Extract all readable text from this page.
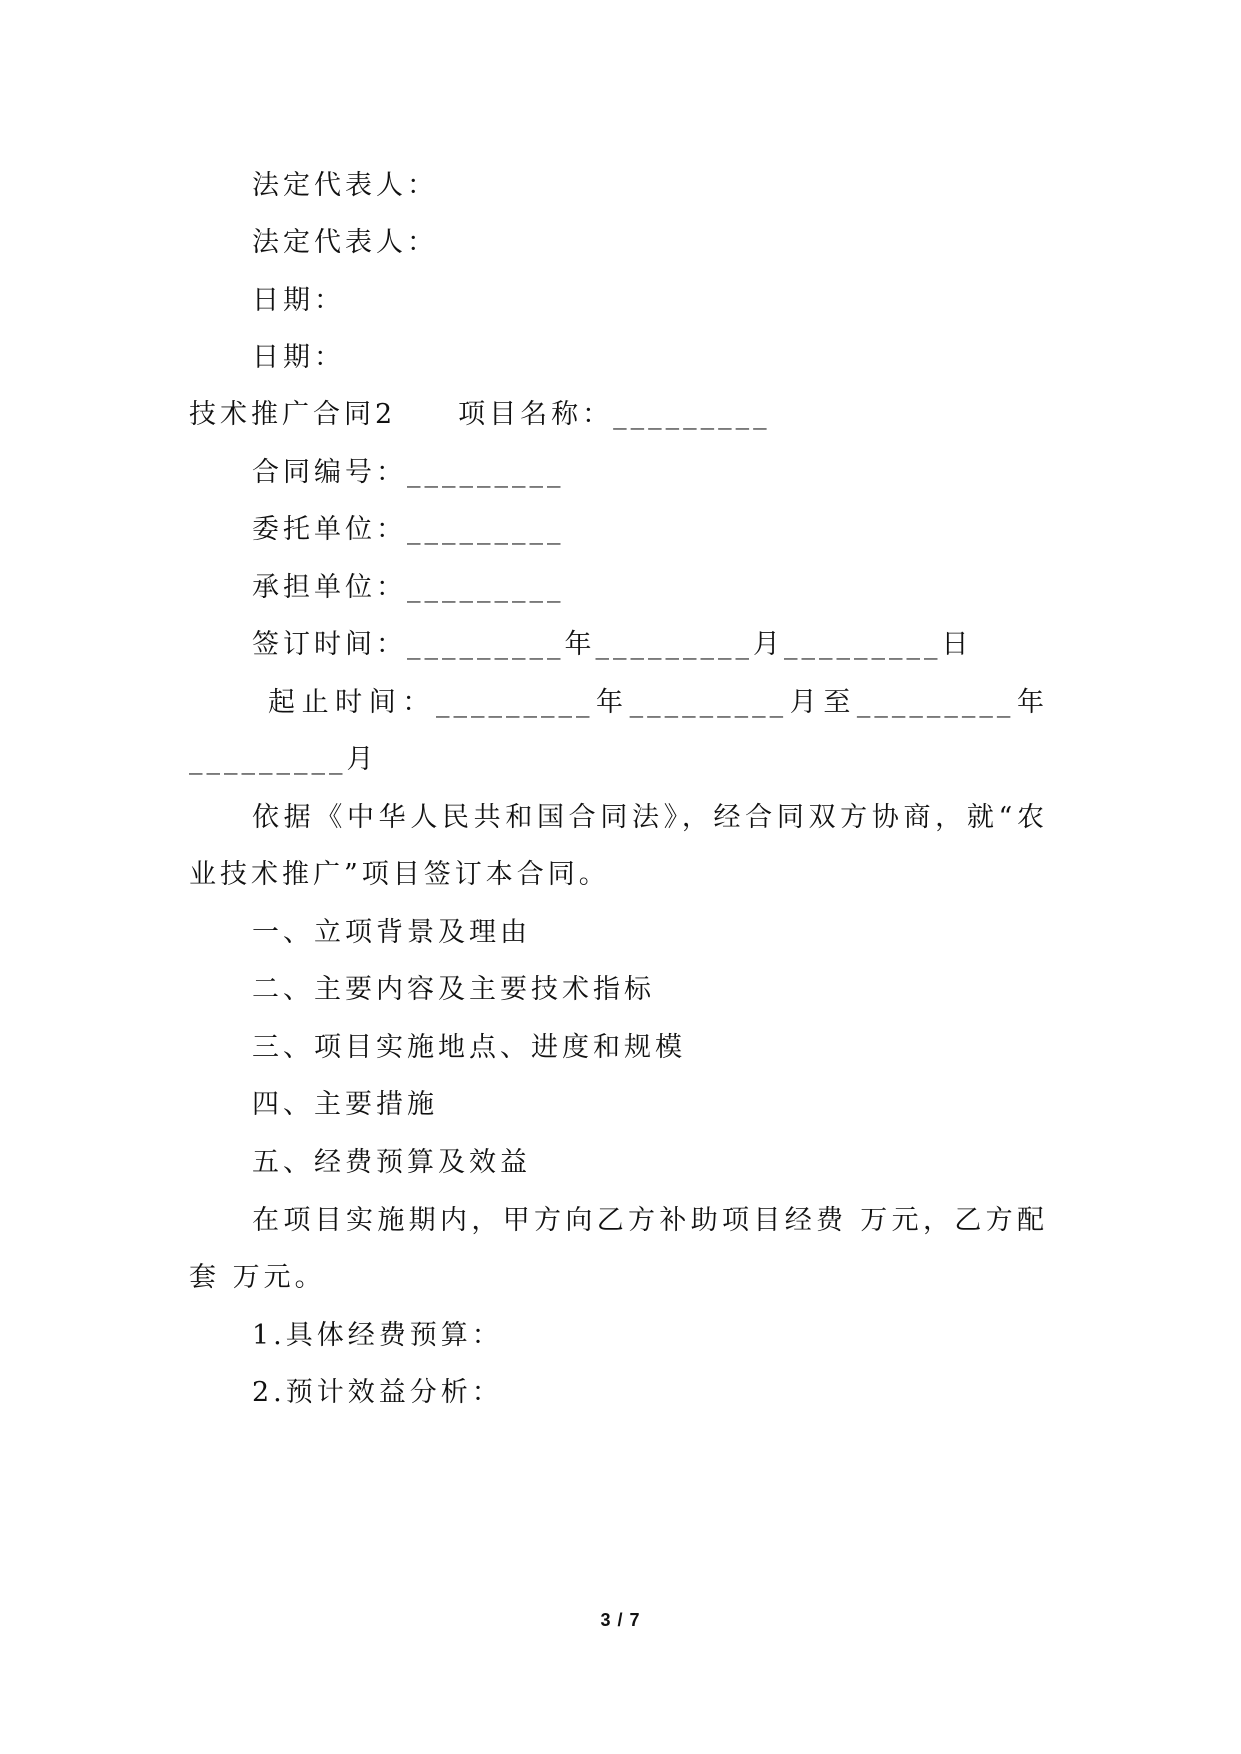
法定代表人：
法定代表人：
日期：
日期：
技术推广合同2　　项目名称：_________
合同编号：_________
委托单位：_________
承担单位：_________
签订时间：_________年_________月_________日
起止时间：_________年_________月至_________年
_________月
依据《中华人民共和国合同法》，经合同双方协商，就“农
业技术推广”项目签订本合同。
一、立项背景及理由
二、主要内容及主要技术指标
三、项目实施地点、进度和规模
四、主要措施
五、经费预算及效益
在项目实施期内，甲方向乙方补助项目经费 万元，乙方配
套 万元。
1.具体经费预算：
2.预计效益分析：
3 / 7
